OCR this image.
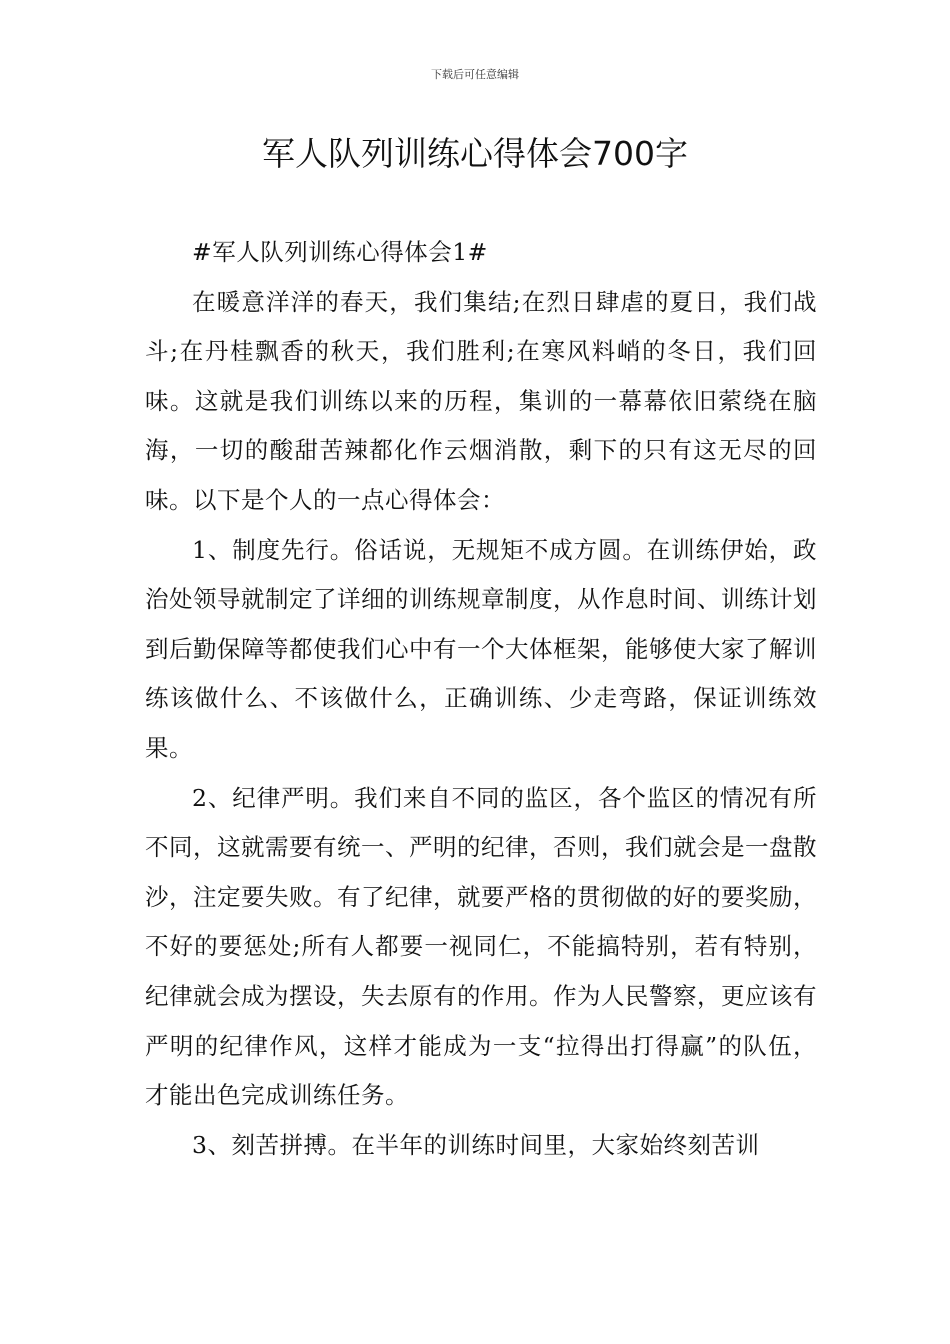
下载后可任意编辑
军人队列训练心得体会700字

#军人队列训练心得体会1#

在暖意洋洋的春天，我们集结;在烈日肆虐的夏日，我们战斗;在丹桂飘香的秋天，我们胜利;在寒风料峭的冬日，我们回味。这就是我们训练以来的历程，集训的一幕幕依旧萦绕在脑海，一切的酸甜苦辣都化作云烟消散，剩下的只有这无尽的回味。以下是个人的一点心得体会：

1、制度先行。俗话说，无规矩不成方圆。在训练伊始，政治处领导就制定了详细的训练规章制度，从作息时间、训练计划到后勤保障等都使我们心中有一个大体框架，能够使大家了解训练该做什么、不该做什么，正确训练、少走弯路，保证训练效果。

2、纪律严明。我们来自不同的监区，各个监区的情况有所不同，这就需要有统一、严明的纪律，否则，我们就会是一盘散沙，注定要失败。有了纪律，就要严格的贯彻做的好的要奖励，不好的要惩处;所有人都要一视同仁，不能搞特别，若有特别，纪律就会成为摆设，失去原有的作用。作为人民警察，更应该有严明的纪律作风，这样才能成为一支“拉得出打得赢”的队伍，才能出色完成训练任务。

3、刻苦拼搏。在半年的训练时间里，大家始终刻苦训
